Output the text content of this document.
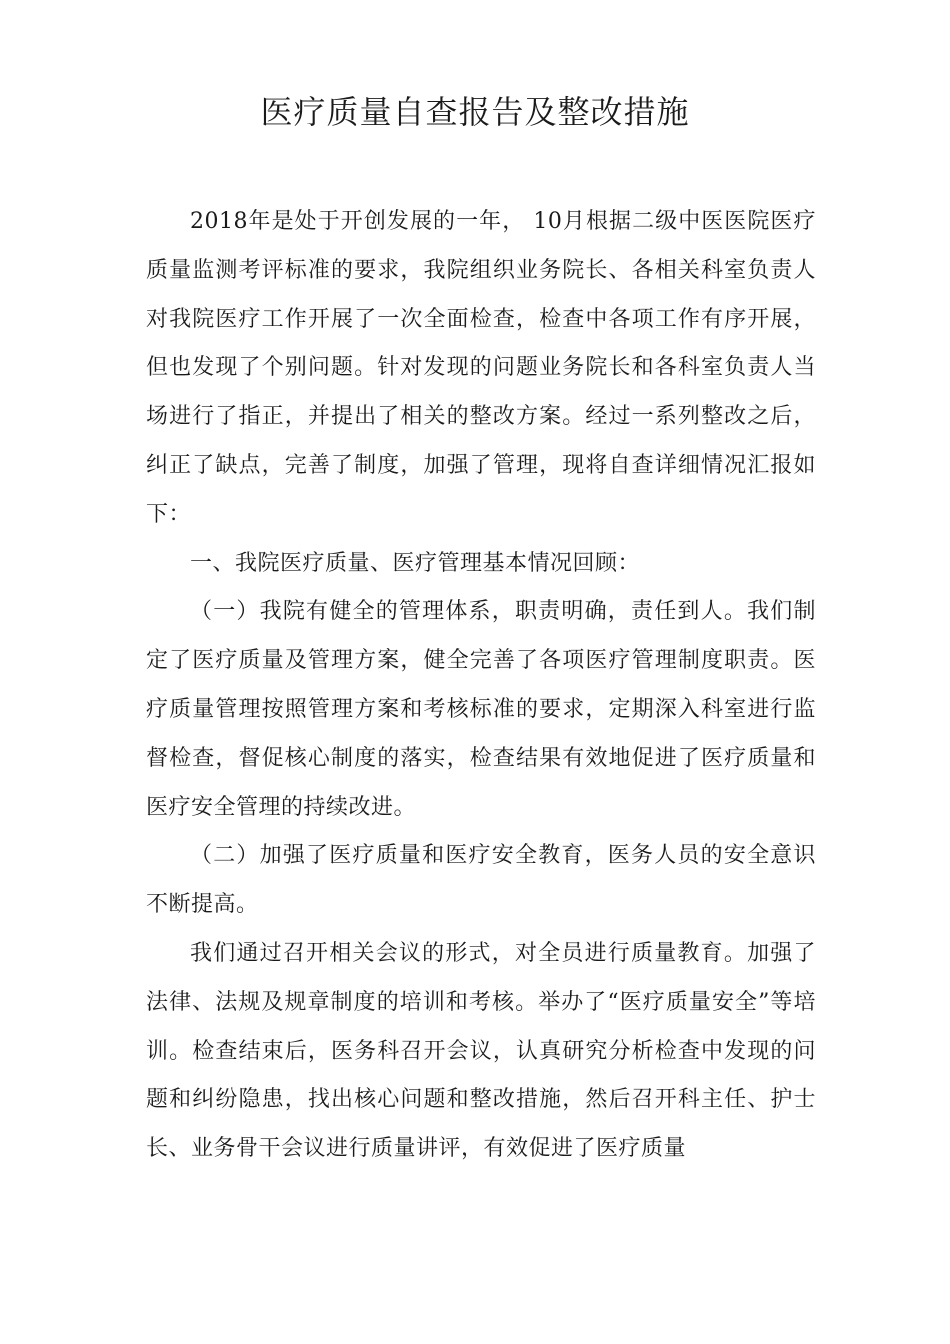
医疗质量自查报告及整改措施

2018年是处于开创发展的一年， 10月根据二级中医医院医疗质量监测考评标准的要求，我院组织业务院长、各相关科室负责人对我院医疗工作开展了一次全面检查，检查中各项工作有序开展，但也发现了个别问题。针对发现的问题业务院长和各科室负责人当场进行了指正，并提出了相关的整改方案。经过一系列整改之后，纠正了缺点，完善了制度，加强了管理，现将自查详细情况汇报如下：

一、我院医疗质量、医疗管理基本情况回顾：

（一）我院有健全的管理体系，职责明确，责任到人。我们制定了医疗质量及管理方案，健全完善了各项医疗管理制度职责。医疗质量管理按照管理方案和考核标准的要求，定期深入科室进行监督检查，督促核心制度的落实，检查结果有效地促进了医疗质量和医疗安全管理的持续改进。

（二）加强了医疗质量和医疗安全教育，医务人员的安全意识不断提高。

我们通过召开相关会议的形式，对全员进行质量教育。加强了法律、法规及规章制度的培训和考核。举办了“医疗质量安全”等培训。检查结束后，医务科召开会议，认真研究分析检查中发现的问题和纠纷隐患，找出核心问题和整改措施，然后召开科主任、护士长、业务骨干会议进行质量讲评，有效促进了医疗质量
